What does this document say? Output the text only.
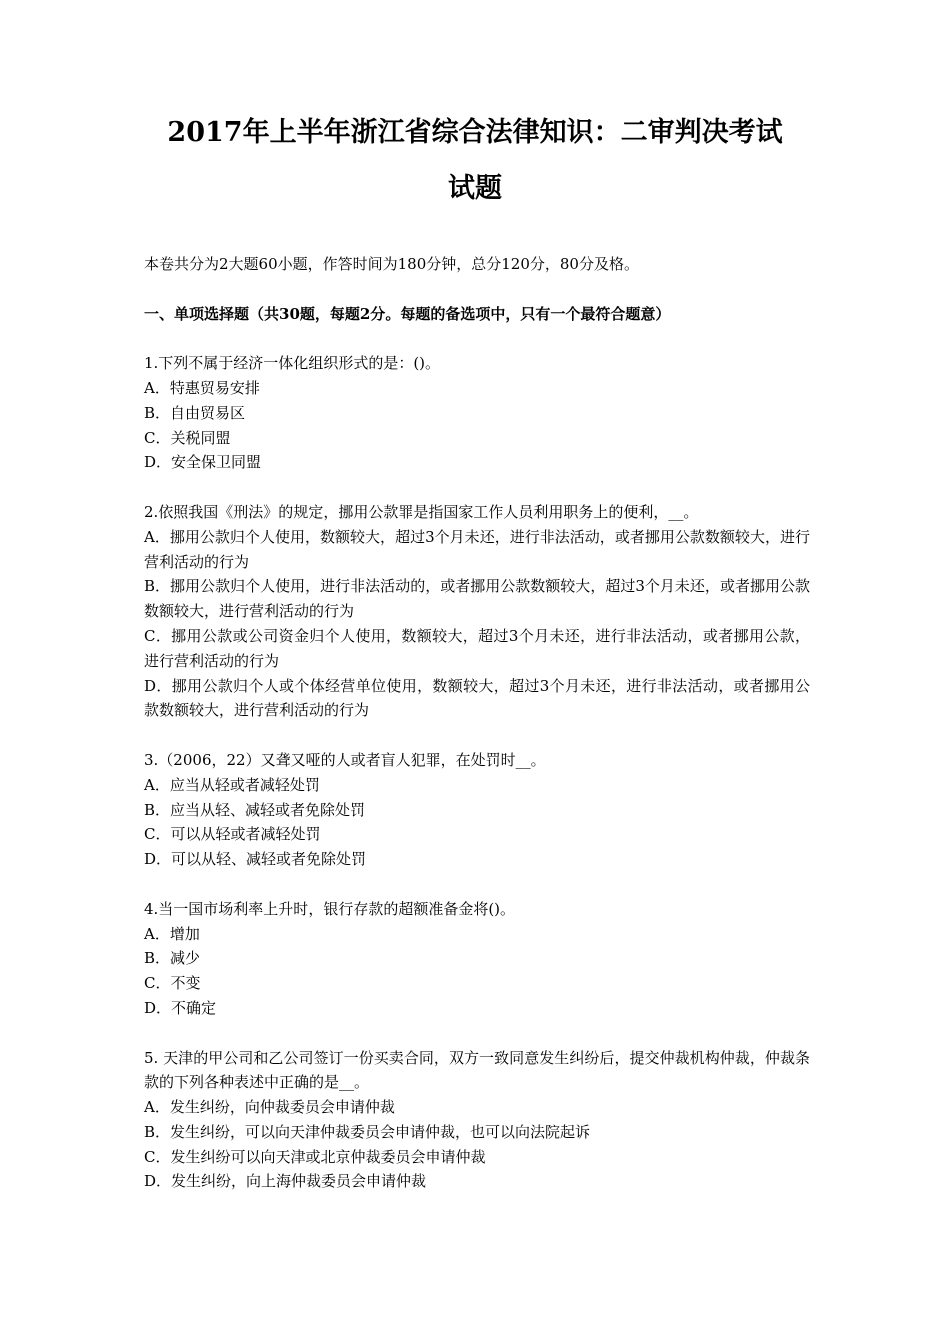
2017年上半年浙江省综合法律知识：二审判决考试
试题

本卷共分为2大题60小题，作答时间为180分钟，总分120分，80分及格。

一、单项选择题（共30题，每题2分。每题的备选项中，只有一个最符合题意）

1.下列不属于经济一体化组织形式的是：()。

A．特惠贸易安排

B．自由贸易区

C．关税同盟

D．安全保卫同盟

2.依照我国《刑法》的规定，挪用公款罪是指国家工作人员利用职务上的便利，__。

A．挪用公款归个人使用，数额较大，超过3个月未还，进行非法活动，或者挪用公款数额较大，进行营利活动的行为

B．挪用公款归个人使用，进行非法活动的，或者挪用公款数额较大，超过3个月未还，或者挪用公款数额较大，进行营利活动的行为

C．挪用公款或公司资金归个人使用，数额较大，超过3个月未还，进行非法活动，或者挪用公款，进行营利活动的行为

D．挪用公款归个人或个体经营单位使用，数额较大，超过3个月未还，进行非法活动，或者挪用公款数额较大，进行营利活动的行为

3.（2006，22）又聋又哑的人或者盲人犯罪，在处罚时__。

A．应当从轻或者减轻处罚

B．应当从轻、减轻或者免除处罚

C．可以从轻或者减轻处罚

D．可以从轻、减轻或者免除处罚

4.当一国市场利率上升时，银行存款的超额准备金将()。

A．增加

B．减少

C．不变

D．不确定

5. 天津的甲公司和乙公司签订一份买卖合同，双方一致同意发生纠纷后，提交仲裁机构仲裁，仲裁条款的下列各种表述中正确的是__。

A．发生纠纷，向仲裁委员会申请仲裁

B．发生纠纷，可以向天津仲裁委员会申请仲裁，也可以向法院起诉

C．发生纠纷可以向天津或北京仲裁委员会申请仲裁

D．发生纠纷，向上海仲裁委员会申请仲裁
